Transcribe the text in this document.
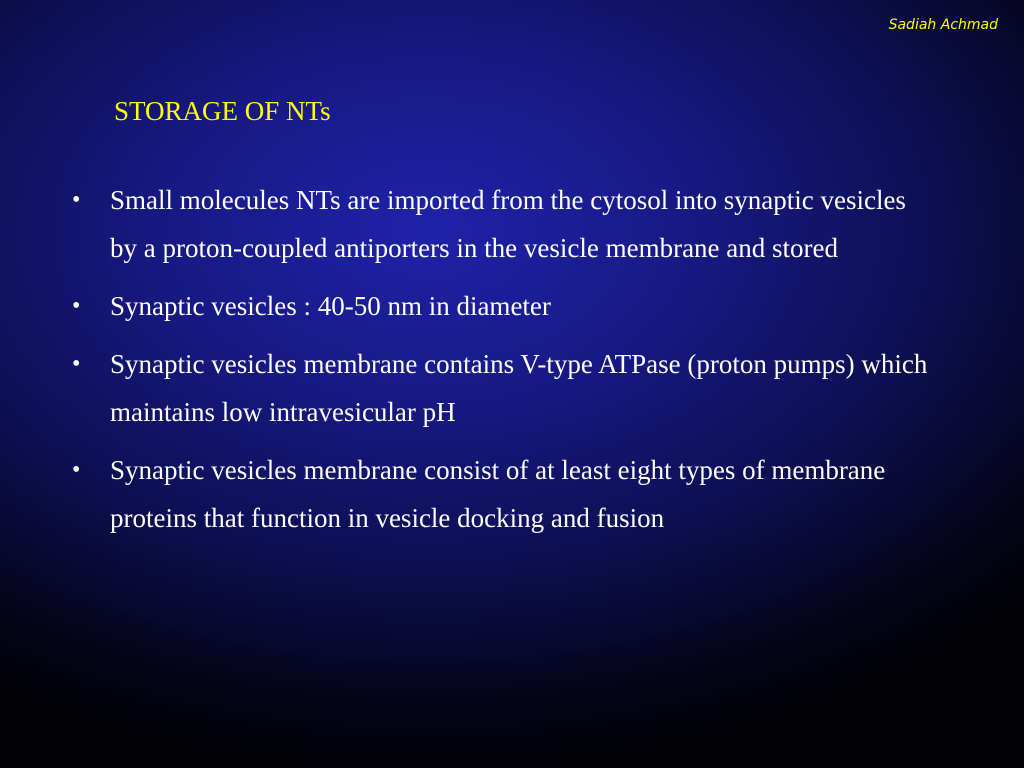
Sadiah Achmad
STORAGE OF NTs
• Small molecules NTs are imported from the cytosol into synaptic vesicles by a proton-coupled antiporters in the vesicle membrane and stored
• Synaptic vesicles : 40-50 nm in diameter
• Synaptic vesicles membrane contains V-type ATPase (proton pumps) which maintains low intravesicular pH
• Synaptic vesicles membrane consist of at least eight types of membrane proteins that function in vesicle docking and fusion
